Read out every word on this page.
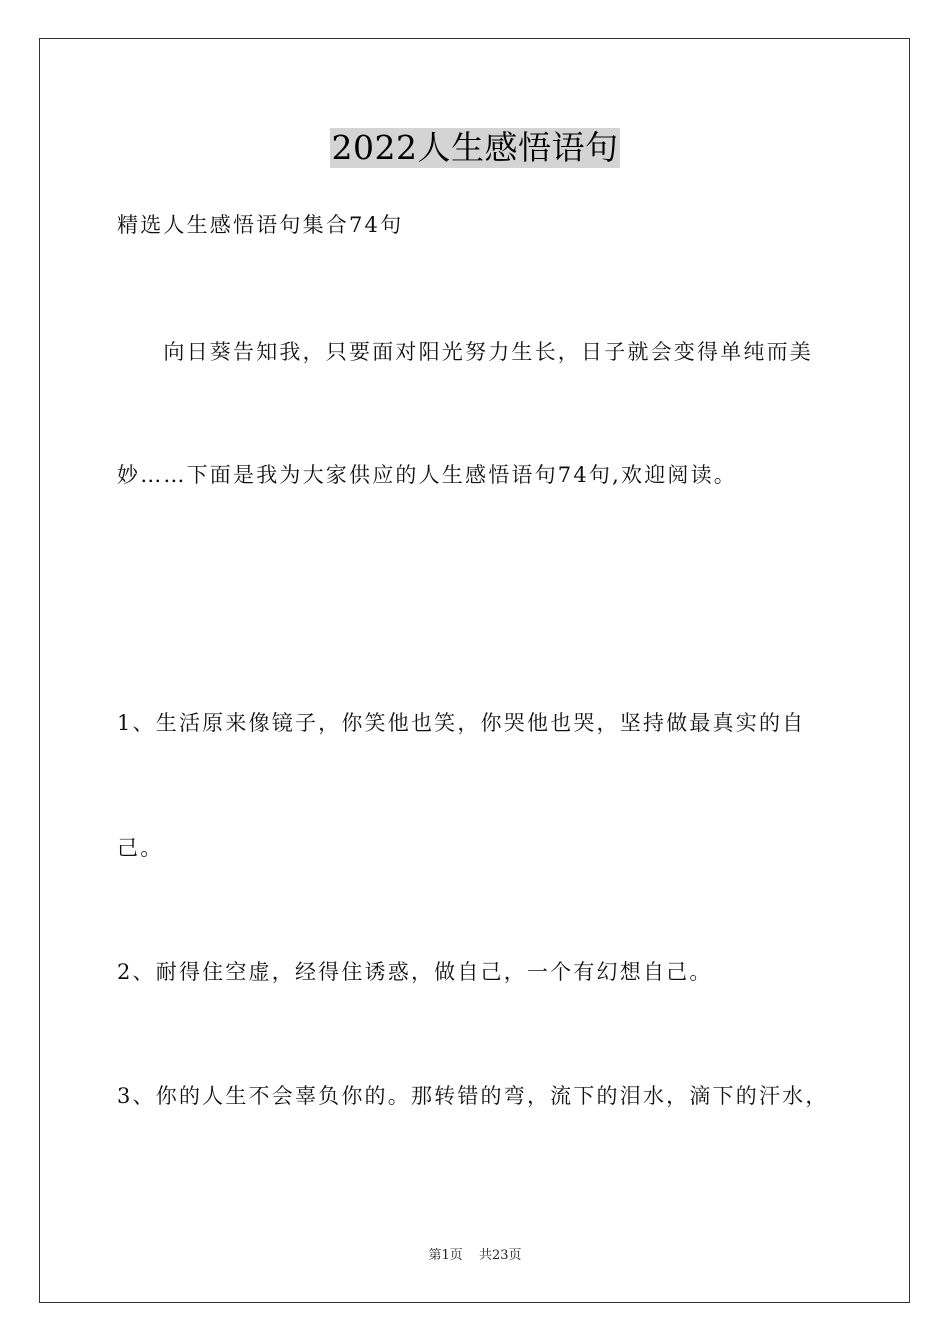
2022人生感悟语句
精选人生感悟语句集合74句
　　向日葵告知我，只要面对阳光努力生长，日子就会变得单纯而美
妙……下面是我为大家供应的人生感悟语句74句,欢迎阅读。
1、生活原来像镜子，你笑他也笑，你哭他也哭，坚持做最真实的自
己。
2、耐得住空虚，经得住诱惑，做自己，一个有幻想自己。
3、你的人生不会辜负你的。那转错的弯，流下的泪水，滴下的汗水，
第1页 共23页
